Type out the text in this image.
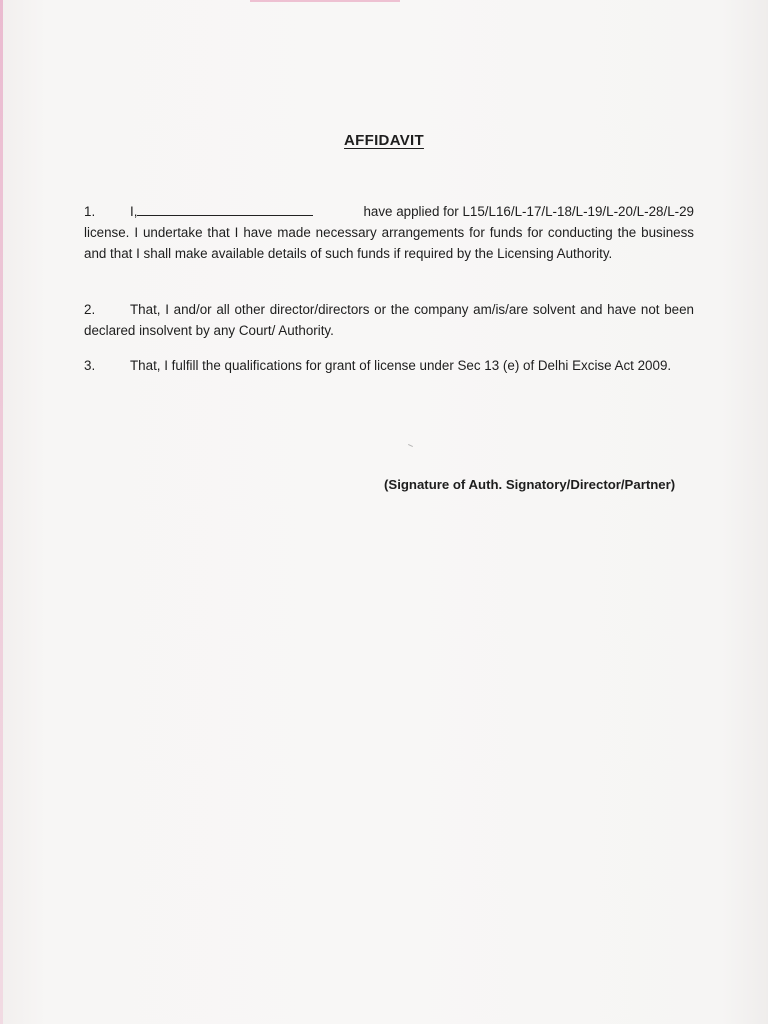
AFFIDAVIT
1.	I,	have applied for L15/L16/L-17/L-18/L-19/L-20/L-28/L-29
license. I undertake that I have made necessary arrangements for funds for conducting the business and that I shall make available details of such funds if required by the Licensing Authority.
2.	That, I and/or all other director/directors or the company am/is/are solvent and have not been declared insolvent by any Court/ Authority.
3.	That, I fulfill the qualifications for grant of license under Sec 13 (e) of Delhi Excise Act 2009.
(Signature of Auth. Signatory/Director/Partner)
